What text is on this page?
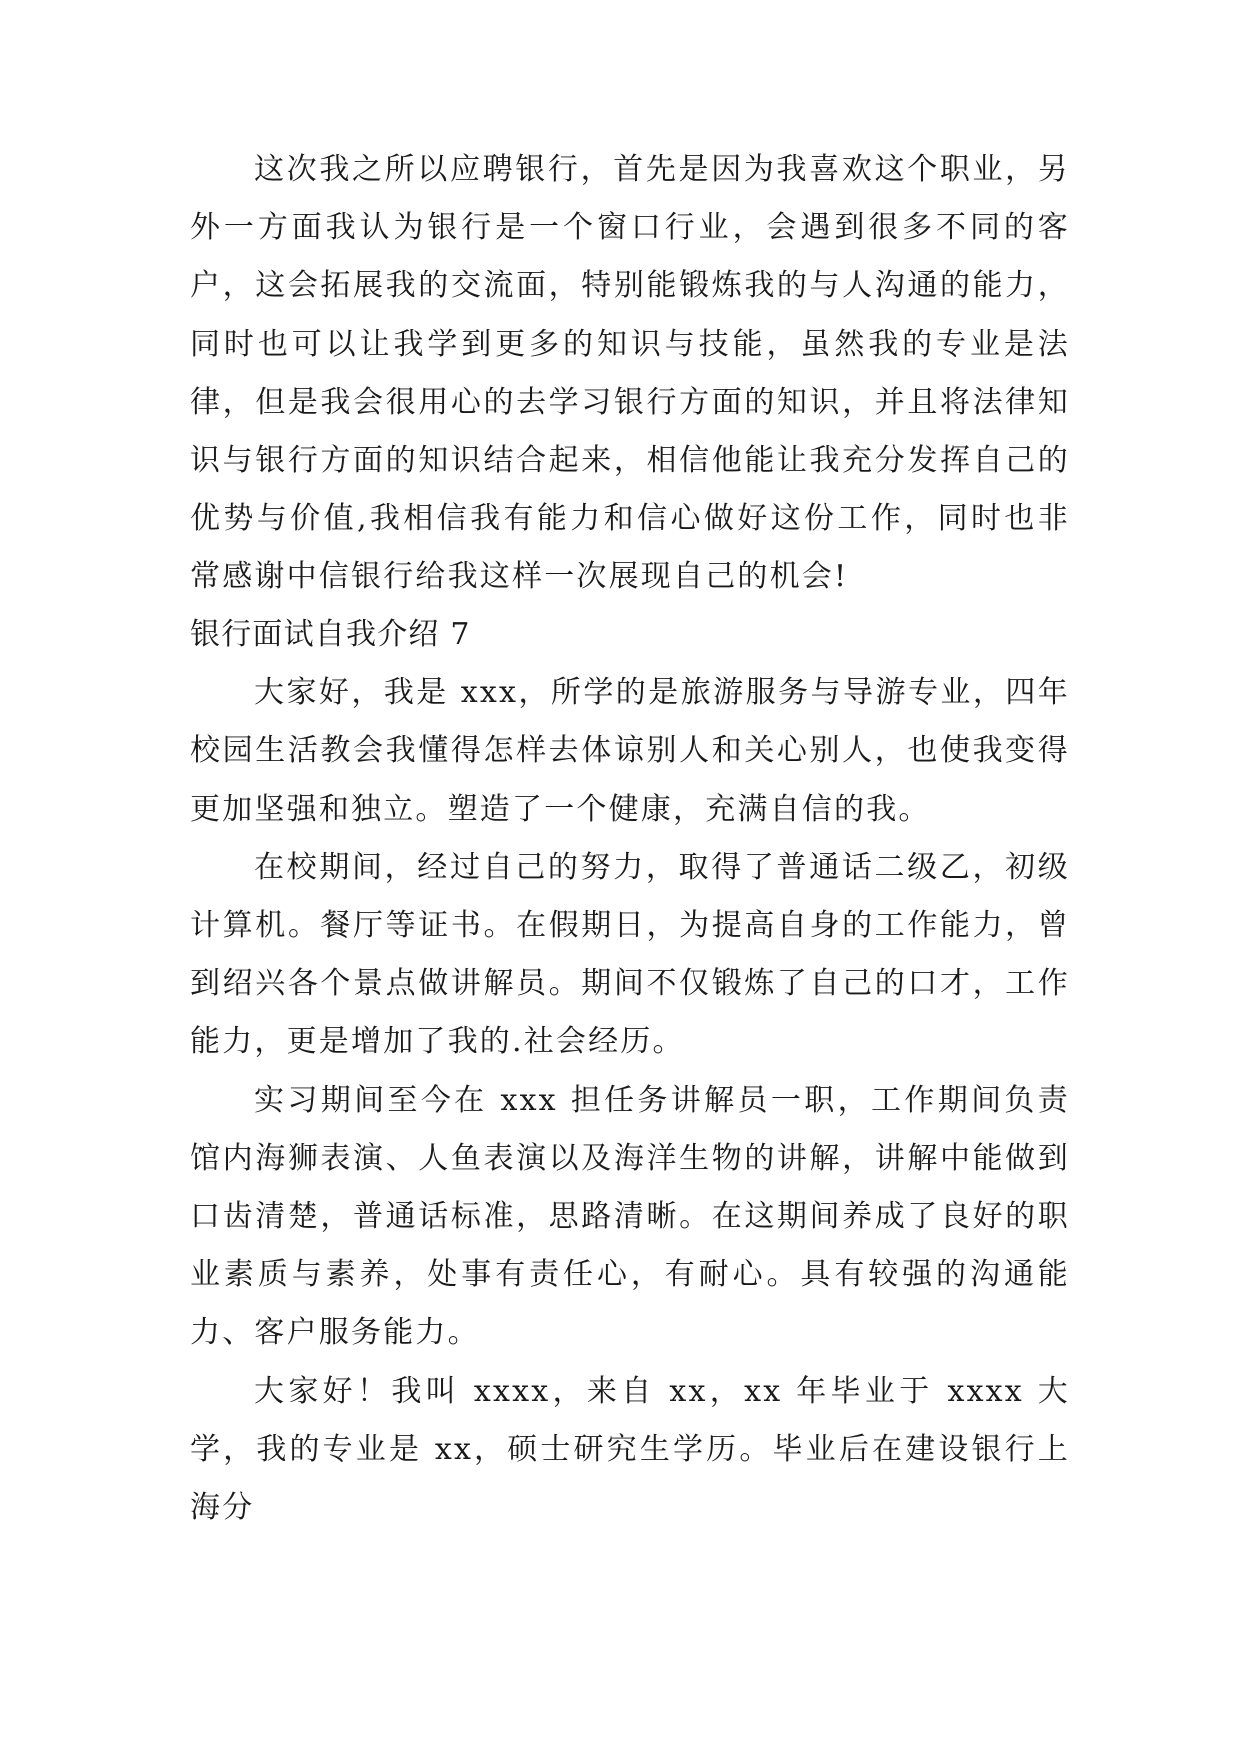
这次我之所以应聘银行，首先是因为我喜欢这个职业，另外一方面我认为银行是一个窗口行业，会遇到很多不同的客户，这会拓展我的交流面，特别能锻炼我的与人沟通的能力，同时也可以让我学到更多的知识与技能，虽然我的专业是法律，但是我会很用心的去学习银行方面的知识，并且将法律知识与银行方面的知识结合起来，相信他能让我充分发挥自己的优势与价值,我相信我有能力和信心做好这份工作，同时也非常感谢中信银行给我这样一次展现自己的机会!

银行面试自我介绍 7

大家好，我是 xxx，所学的是旅游服务与导游专业，四年校园生活教会我懂得怎样去体谅别人和关心别人，也使我变得更加坚强和独立。塑造了一个健康，充满自信的我。

在校期间，经过自己的努力，取得了普通话二级乙，初级计算机。餐厅等证书。在假期日，为提高自身的工作能力，曾到绍兴各个景点做讲解员。期间不仅锻炼了自己的口才，工作能力，更是增加了我的.社会经历。

实习期间至今在 xxx 担任务讲解员一职，工作期间负责馆内海狮表演、人鱼表演以及海洋生物的讲解，讲解中能做到口齿清楚，普通话标准，思路清晰。在这期间养成了良好的职业素质与素养，处事有责任心，有耐心。具有较强的沟通能力、客户服务能力。

大家好！我叫 xxxx，来自 xx，xx 年毕业于 xxxx 大学，我的专业是 xx，硕士研究生学历。毕业后在建设银行上海分
